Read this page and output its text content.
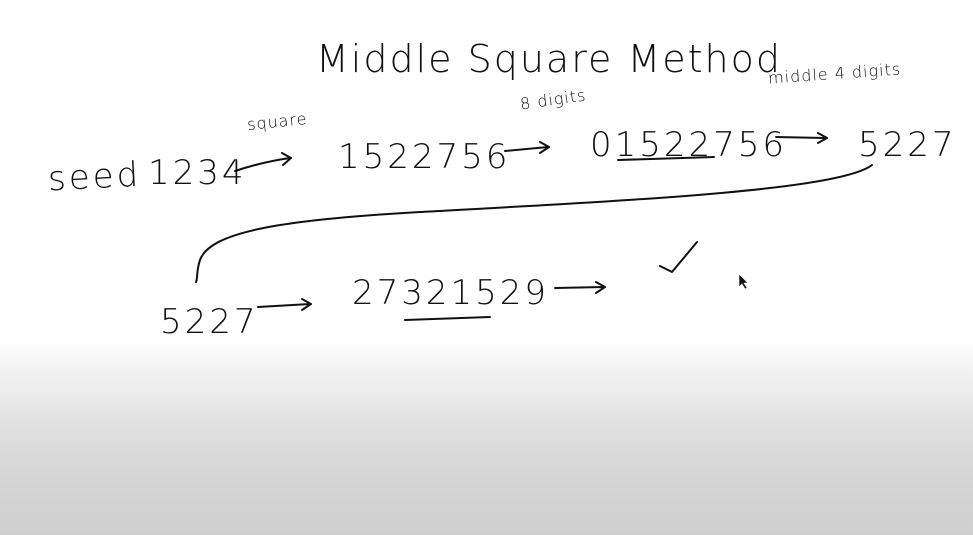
Middle Square Method
square
8 digits
middle 4 digits
seed 1234	1522756 01522756 5227
5227
27321529
